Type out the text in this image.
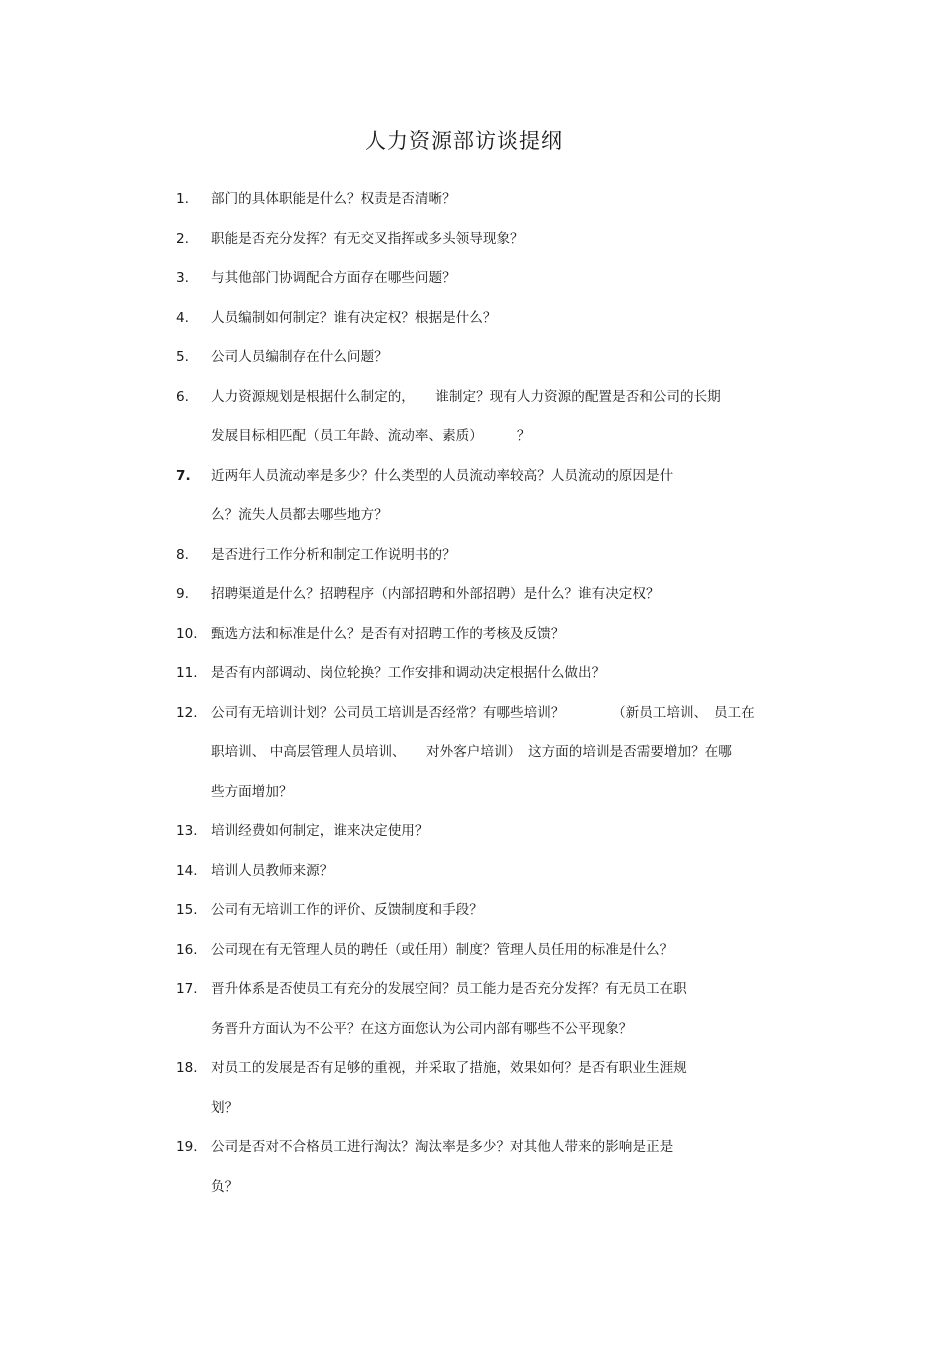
人力资源部访谈提纲
1. 部门的具体职能是什么？权责是否清晰？
2. 职能是否充分发挥？有无交叉指挥或多头领导现象？
3. 与其他部门协调配合方面存在哪些问题？
4. 人员编制如何制定？谁有决定权？根据是什么？
5. 公司人员编制存在什么问题？
6. 人力资源规划是根据什么制定的，　　谁制定？现有人力资源的配置是否和公司的长期
发展目标相匹配（员工年龄、流动率、素质）　　　？
7. 近两年人员流动率是多少？什么类型的人员流动率较高？人员流动的原因是什
么？流失人员都去哪些地方？
8. 是否进行工作分析和制定工作说明书的？
9. 招聘渠道是什么？招聘程序（内部招聘和外部招聘）是什么？谁有决定权？
10. 甄选方法和标准是什么？是否有对招聘工作的考核及反馈？
11. 是否有内部调动、岗位轮换？工作安排和调动决定根据什么做出？
12. 公司有无培训计划？公司员工培训是否经常？有哪些培训？　　　　（新员工培训、　员工在
职培训、 中高层管理人员培训、　　对外客户培训）　这方面的培训是否需要增加？在哪
些方面增加？
13. 培训经费如何制定，谁来决定使用？
14. 培训人员教师来源？
15. 公司有无培训工作的评价、反馈制度和手段？
16. 公司现在有无管理人员的聘任（或任用）制度？管理人员任用的标准是什么？
17. 晋升体系是否使员工有充分的发展空间？员工能力是否充分发挥？有无员工在职
务晋升方面认为不公平？在这方面您认为公司内部有哪些不公平现象？
18. 对员工的发展是否有足够的重视，并采取了措施，效果如何？是否有职业生涯规
划？
19. 公司是否对不合格员工进行淘汰？淘汰率是多少？对其他人带来的影响是正是
负？
